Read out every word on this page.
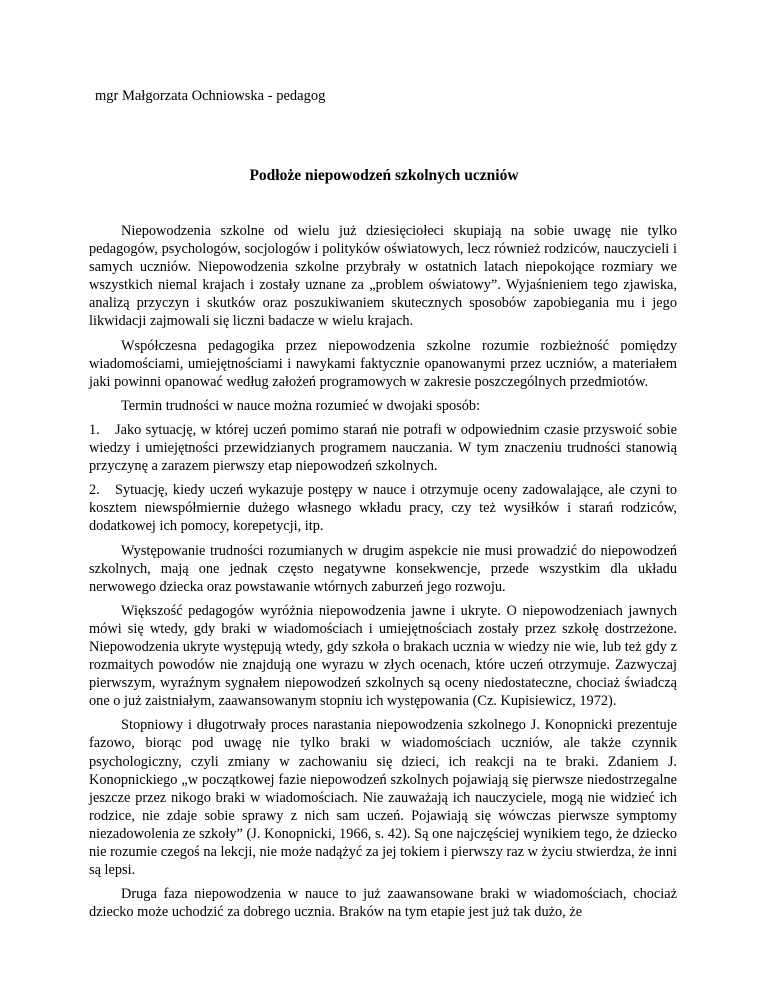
mgr Małgorzata Ochniowska - pedagog
Podłoże niepowodzeń szkolnych uczniów

Niepowodzenia szkolne od wielu już dziesięciołeci skupiają na sobie uwagę nie tylko pedagogów, psychologów, socjologów i polityków oświatowych, lecz również rodziców, nauczycieli i samych uczniów. Niepowodzenia szkolne przybrały w ostatnich latach niepokojące rozmiary we wszystkich niemal krajach i zostały uznane za „problem oświatowy”. Wyjaśnieniem tego zjawiska, analizą przyczyn i skutków oraz poszukiwaniem skutecznych sposobów zapobiegania mu i jego likwidacji zajmowali się liczni badacze w wielu krajach.

Współczesna pedagogika przez niepowodzenia szkolne rozumie rozbieżność pomiędzy wiadomościami, umiejętnościami i nawykami faktycznie opanowanymi przez uczniów, a materiałem jaki powinni opanować według założeń programowych w zakresie poszczególnych przedmiotów.

Termin trudności w nauce można rozumieć w dwojaki sposób:

1. Jako sytuację, w której uczeń pomimo starań nie potrafi w odpowiednim czasie przyswoić sobie wiedzy i umiejętności przewidzianych programem nauczania. W tym znaczeniu trudności stanowią przyczynę a zarazem pierwszy etap niepowodzeń szkolnych.

2. Sytuację, kiedy uczeń wykazuje postępy w nauce i otrzymuje oceny zadowalające, ale czyni to kosztem niewspółmiernie dużego własnego wkładu pracy, czy też wysiłków i starań rodziców, dodatkowej ich pomocy, korepetycji, itp.

Występowanie trudności rozumianych w drugim aspekcie nie musi prowadzić do niepowodzeń szkolnych, mają one jednak często negatywne konsekwencje, przede wszystkim dla układu nerwowego dziecka oraz powstawanie wtórnych zaburzeń jego rozwoju.

Większość pedagogów wyróżnia niepowodzenia jawne i ukryte. O niepowodzeniach jawnych mówi się wtedy, gdy braki w wiadomościach i umiejętnościach zostały przez szkołę dostrzeżone. Niepowodzenia ukryte występują wtedy, gdy szkoła o brakach ucznia w wiedzy nie wie, lub też gdy z rozmaitych powodów nie znajdują one wyrazu w złych ocenach, które uczeń otrzymuje. Zazwyczaj pierwszym, wyraźnym sygnałem niepowodzeń szkolnych są oceny niedostateczne, chociaż świadczą one o już zaistniałym, zaawansowanym stopniu ich występowania (Cz. Kupisiewicz, 1972).

Stopniowy i długotrwały proces narastania niepowodzenia szkolnego J. Konopnicki prezentuje fazowo, biorąc pod uwagę nie tylko braki w wiadomościach uczniów, ale także czynnik psychologiczny, czyli zmiany w zachowaniu się dzieci, ich reakcji na te braki. Zdaniem J. Konopnickiego „w początkowej fazie niepowodzeń szkolnych pojawiają się pierwsze niedostrzegalne jeszcze przez nikogo braki w wiadomościach. Nie zauważają ich nauczyciele, mogą nie widzieć ich rodzice, nie zdaje sobie sprawy z nich sam uczeń. Pojawiają się wówczas pierwsze symptomy niezadowolenia ze szkoły” (J. Konopnicki, 1966, s. 42). Są one najczęściej wynikiem tego, że dziecko nie rozumie czegoś na lekcji, nie może nadążyć za jej tokiem i pierwszy raz w życiu stwierdza, że inni są lepsi.

Druga faza niepowodzenia w nauce to już zaawansowane braki w wiadomościach, chociaż dziecko może uchodzić za dobrego ucznia. Braków na tym etapie jest już tak dużo, że
